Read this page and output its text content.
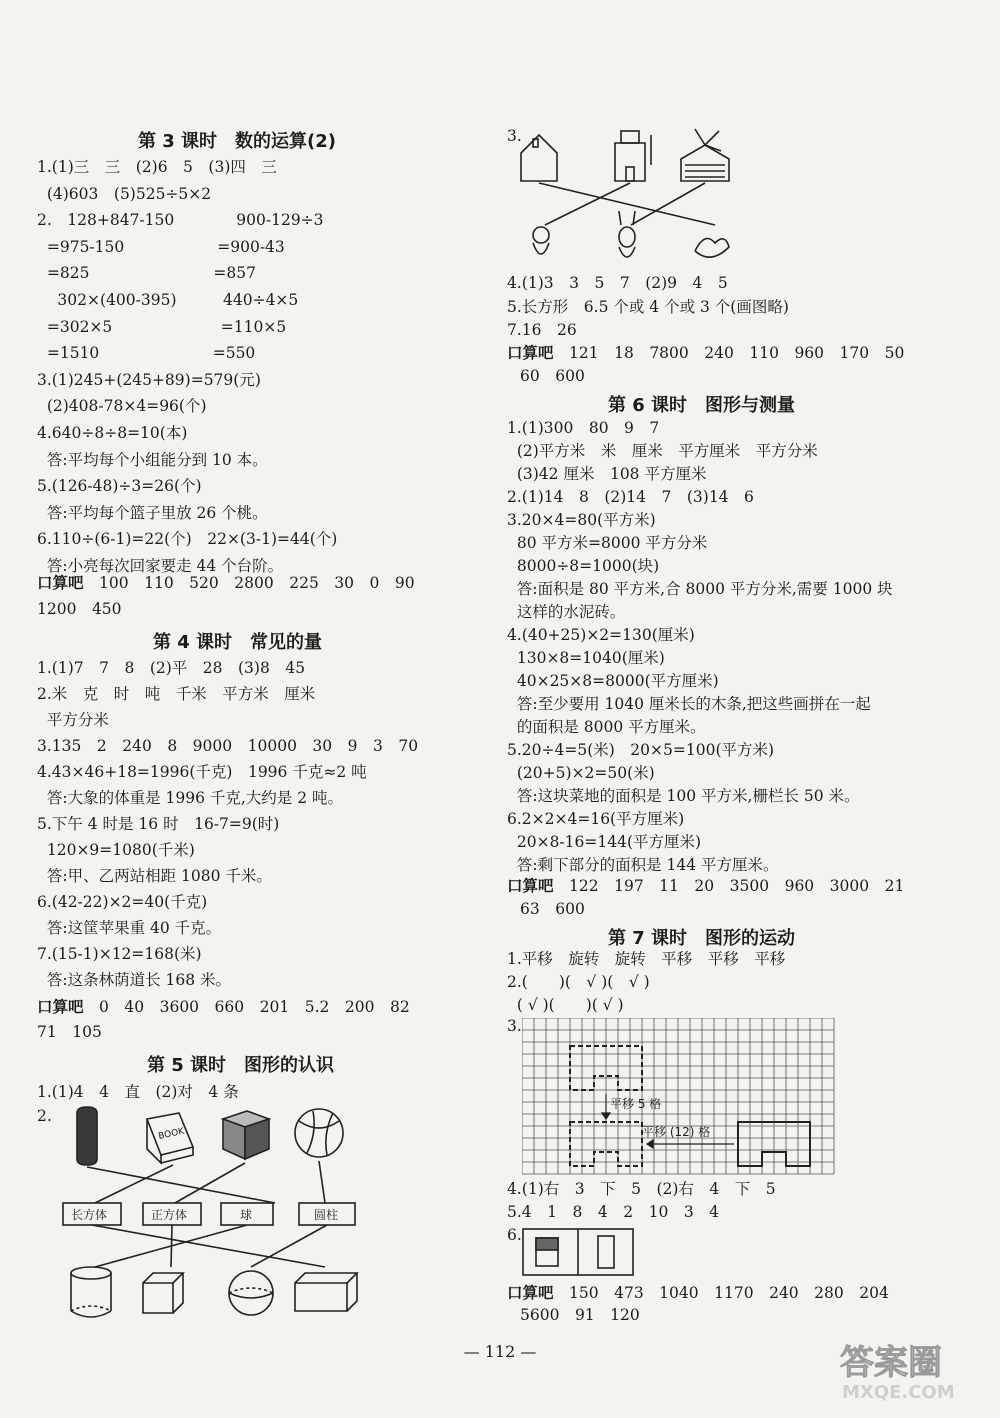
第 3 课时　数的运算(2)
1.(1)三　三　(2)6　5　(3)四　三
(4)603　(5)525÷5×2
2.　128+847-150　　　　900-129÷3
=975-150　　　　　　=900-43
=825　　　　　　　　=857
　 302×(400-395)　　　440÷4×5
=302×5　　　　　　　=110×5
=1510　　　　　　　 =550
3.(1)245+(245+89)=579(元)
(2)408-78×4=96(个)
4.640÷8÷8=10(本)
答:平均每个小组能分到 10 本。
5.(126-48)÷3=26(个)
答:平均每个篮子里放 26 个桃。
6.110÷(6-1)=22(个)　22×(3-1)=44(个)
答:小亮每次回家要走 44 个台阶。
口算吧　100　110　520　2800　225　30　0　90
1200　450
第 4 课时　常见的量
1.(1)7　7　8　(2)平　28　(3)8　45
2.米　克　时　吨　千米　平方米　厘米
平方分米
3.135　2　240　8　9000　10000　30　9　3　70
4.43×46+18=1996(千克)　1996 千克≈2 吨
答:大象的体重是 1996 千克,大约是 2 吨。
5.下午 4 时是 16 时　16-7=9(时)
120×9=1080(千米)
答:甲、乙两站相距 1080 千米。
6.(42-22)×2=40(千克)
答:这筐苹果重 40 千克。
7.(15-1)×12=168(米)
答:这条林荫道长 168 米。
口算吧　0　40　3600　660　201　5.2　200　82
71　105
第 5 课时　图形的认识
1.(1)4　4　直　(2)对　4 条
2.
BOOK
长方体	正方体	球	圆柱
3.
4.(1)3　3　5　7　(2)9　4　5
5.长方形　6.5 个或 4 个或 3 个(画图略)
7.16　26
口算吧　121　18　7800　240　110　960　170　50
60　600
第 6 课时　图形与测量
1.(1)300　80　9　7
(2)平方米　米　厘米　平方厘米　平方分米
(3)42 厘米　108 平方厘米
2.(1)14　8　(2)14　7　(3)14　6
3.20×4=80(平方米)
80 平方米=8000 平方分米
8000÷8=1000(块)
答:面积是 80 平方米,合 8000 平方分米,需要 1000 块
这样的水泥砖。
4.(40+25)×2=130(厘米)
130×8=1040(厘米)
40×25×8=8000(平方厘米)
答:至少要用 1040 厘米长的木条,把这些画拼在一起
的面积是 8000 平方厘米。
5.20÷4=5(米)　20×5=100(平方米)
(20+5)×2=50(米)
答:这块菜地的面积是 100 平方米,栅栏长 50 米。
6.2×2×4=16(平方厘米)
20×8-16=144(平方厘米)
答:剩下部分的面积是 144 平方厘米。
口算吧　122　197　11　20　3500　960　3000　21
63　600
第 7 课时　图形的运动
1.平移　旋转　旋转　平移　平移　平移
2.(　　)(　√ )(　√ )
( √ )(　　)( √ )
3.
平移 5 格
平移 (12) 格
4.(1)右　3　下　5　(2)右　4　下　5
5.4　1　8　4　2　10　3　4
6.
口算吧　150　473　1040　1170　240　280　204
5600　91　120
— 112 —	答案圈
MXQE.COM
